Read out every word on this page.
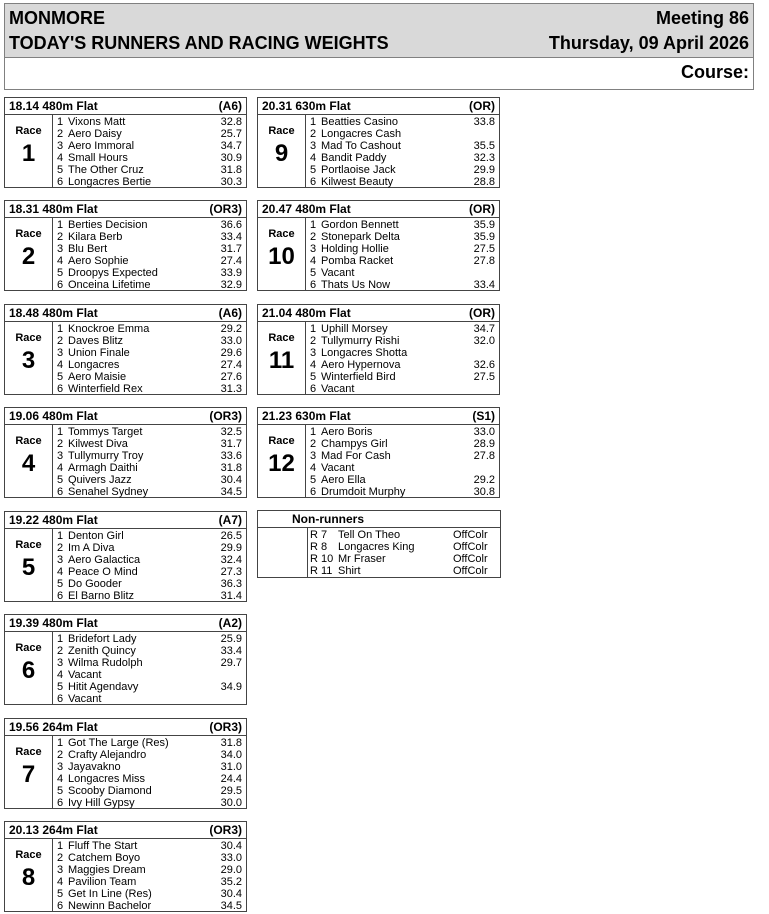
MONMORE
TODAY'S RUNNERS AND RACING WEIGHTS
Meeting 86
Thursday, 09 April 2026
Course:
18.14 480m Flat	(A6)
Race
1
1 Vixons Matt	32.8
2 Aero Daisy	25.7
3 Aero Immoral	34.7
4 Small Hours	30.9
5 The Other Cruz	31.8
6 Longacres Bertie	30.3
18.31 480m Flat	(OR3)
Race
2
1 Berties Decision	36.6
2 Kilara Berb	33.4
3 Blu Bert	31.7
4 Aero Sophie	27.4
5 Droopys Expected	33.9
6 Onceina Lifetime	32.9
18.48 480m Flat	(A6)
Race
3
1 Knockroe Emma	29.2
2 Daves Blitz	33.0
3 Union Finale	29.6
4 Longacres	27.4
5 Aero Maisie	27.6
6 Winterfield Rex	31.3
19.06 480m Flat	(OR3)
Race
4
1 Tommys Target	32.5
2 Kilwest Diva	31.7
3 Tullymurry Troy	33.6
4 Armagh Daithi	31.8
5 Quivers Jazz	30.4
6 Senahel Sydney	34.5
19.22 480m Flat	(A7)
Race
5
1 Denton Girl	26.5
2 Im A Diva	29.9
3 Aero Galactica	32.4
4 Peace O Mind	27.3
5 Do Gooder	36.3
6 El Barno Blitz	31.4
19.39 480m Flat	(A2)
Race
6
1 Bridefort Lady	25.9
2 Zenith Quincy	33.4
3 Wilma Rudolph	29.7
4 Vacant
5 Hitit Agendavy	34.9
6 Vacant
19.56 264m Flat	(OR3)
Race
7
1 Got The Large (Res)	31.8
2 Crafty Alejandro	34.0
3 Jayavakno	31.0
4 Longacres Miss	24.4
5 Scooby Diamond	29.5
6 Ivy Hill Gypsy	30.0
20.13 264m Flat	(OR3)
Race
8
1 Fluff The Start	30.4
2 Catchem Boyo	33.0
3 Maggies Dream	29.0
4 Pavilion Team	35.2
5 Get In Line (Res)	30.4
6 Newinn Bachelor	34.5
20.31 630m Flat	(OR)
Race
9
1 Beatties Casino	33.8
2 Longacres Cash
3 Mad To Cashout	35.5
4 Bandit Paddy	32.3
5 Portlaoise Jack	29.9
6 Kilwest Beauty	28.8
20.47 480m Flat	(OR)
Race
10
1 Gordon Bennett	35.9
2 Stonepark Delta	35.9
3 Holding Hollie	27.5
4 Pomba Racket	27.8
5 Vacant
6 Thats Us Now	33.4
21.04 480m Flat	(OR)
Race
11
1 Uphill Morsey	34.7
2 Tullymurry Rishi	32.0
3 Longacres Shotta
4 Aero Hypernova	32.6
5 Winterfield Bird	27.5
6 Vacant
21.23 630m Flat	(S1)
Race
12
1 Aero Boris	33.0
2 Champys Girl	28.9
3 Mad For Cash	27.8
4 Vacant
5 Aero Ella	29.2
6 Drumdoit Murphy	30.8
Non-runners
R 7 Tell On Theo	OffColr
R 8 Longacres King	OffColr
R 10 Mr Fraser	OffColr
R 11 Shirt	OffColr
